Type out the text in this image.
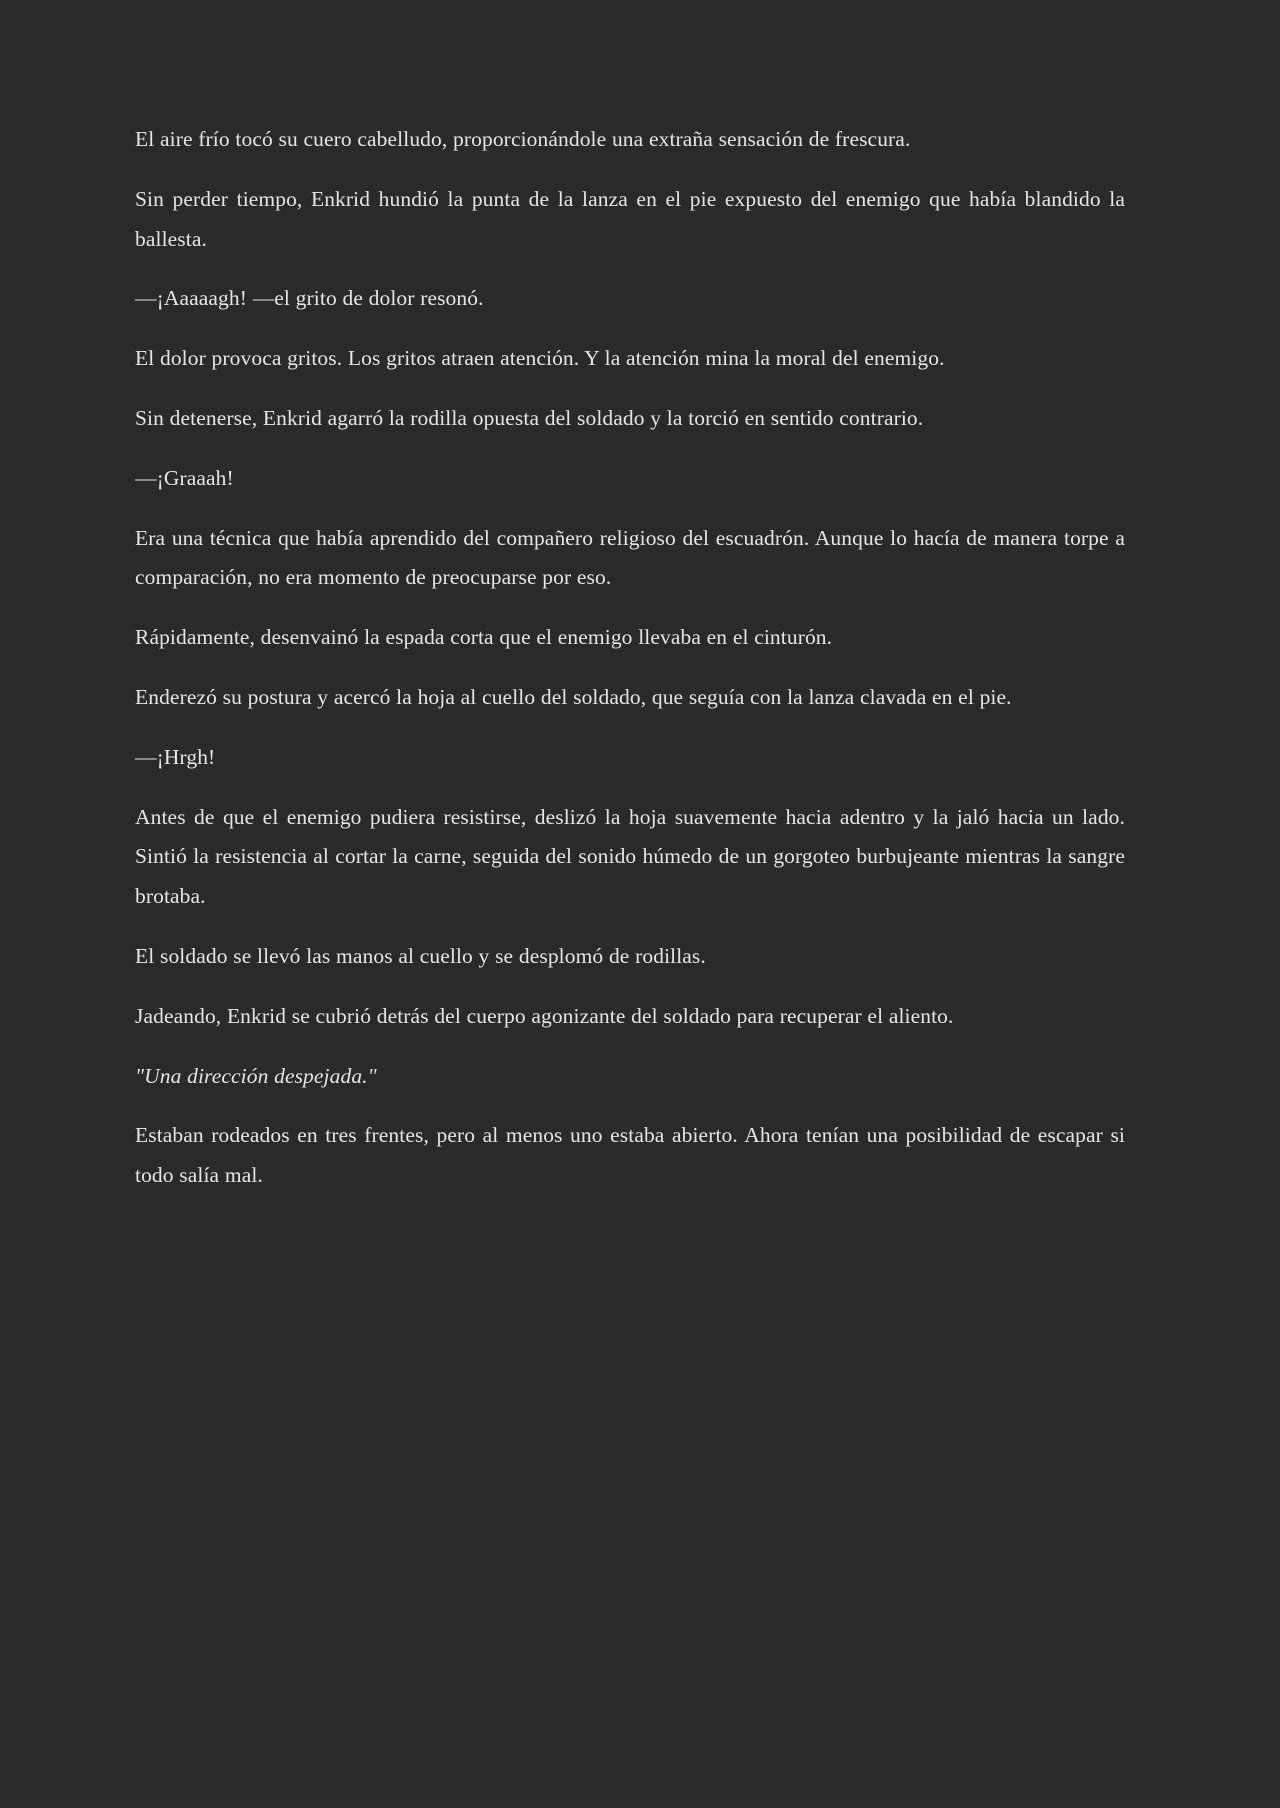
El aire frío tocó su cuero cabelludo, proporcionándole una extraña sensación de frescura.

Sin perder tiempo, Enkrid hundió la punta de la lanza en el pie expuesto del enemigo que había blandido la ballesta.

—¡Aaaaagh! —el grito de dolor resonó.

El dolor provoca gritos. Los gritos atraen atención. Y la atención mina la moral del enemigo.

Sin detenerse, Enkrid agarró la rodilla opuesta del soldado y la torció en sentido contrario.

—¡Graaah!

Era una técnica que había aprendido del compañero religioso del escuadrón. Aunque lo hacía de manera torpe a comparación, no era momento de preocuparse por eso.

Rápidamente, desenvainó la espada corta que el enemigo llevaba en el cinturón.

Enderezó su postura y acercó la hoja al cuello del soldado, que seguía con la lanza clavada en el pie.

—¡Hrgh!

Antes de que el enemigo pudiera resistirse, deslizó la hoja suavemente hacia adentro y la jaló hacia un lado. Sintió la resistencia al cortar la carne, seguida del sonido húmedo de un gorgoteo burbujeante mientras la sangre brotaba.

El soldado se llevó las manos al cuello y se desplomó de rodillas.

Jadeando, Enkrid se cubrió detrás del cuerpo agonizante del soldado para recuperar el aliento.

"Una dirección despejada."

Estaban rodeados en tres frentes, pero al menos uno estaba abierto. Ahora tenían una posibilidad de escapar si todo salía mal.
